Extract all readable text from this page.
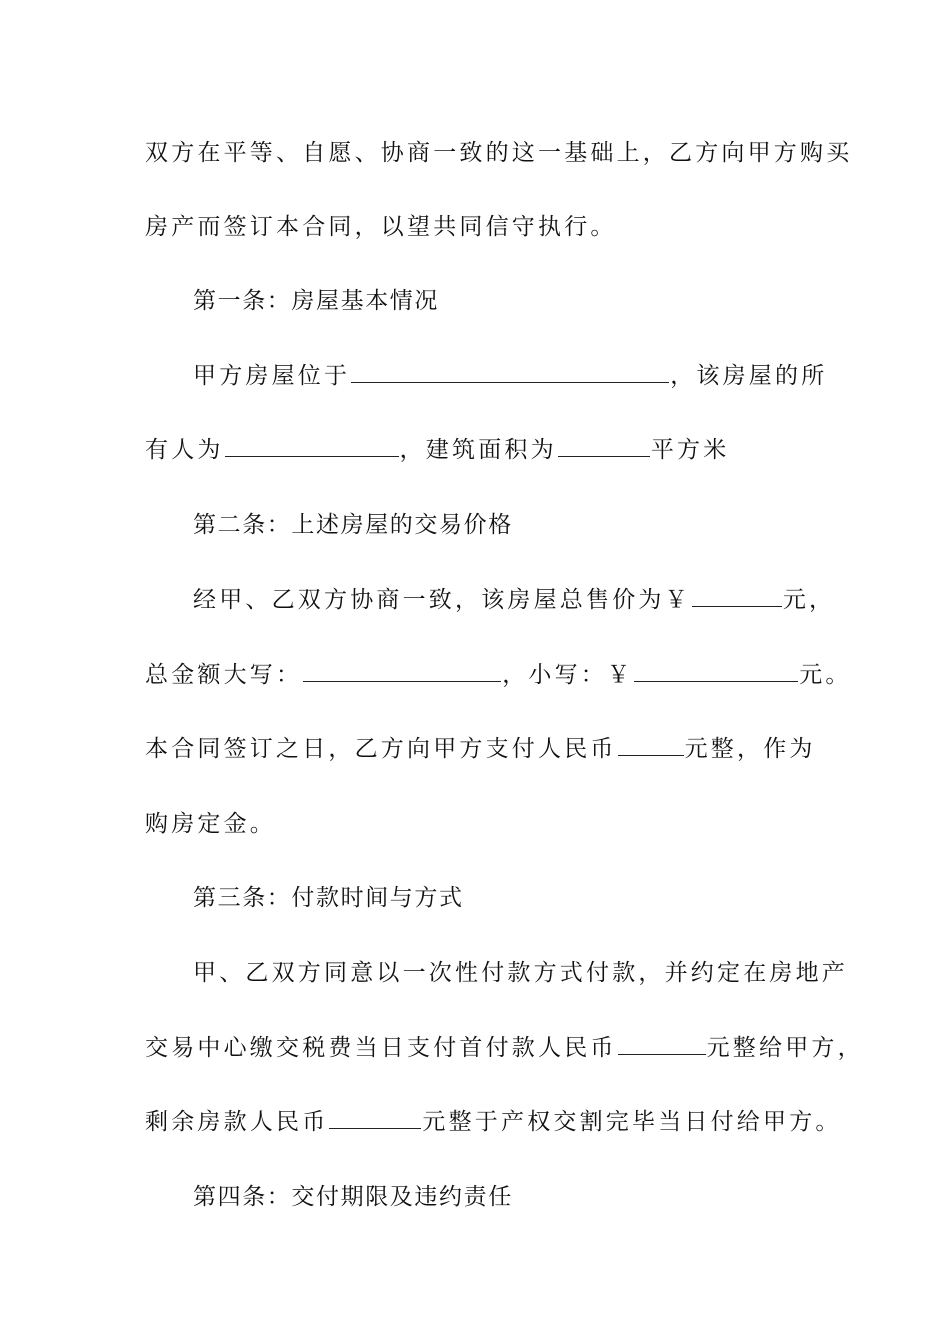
双方在平等、自愿、协商一致的这一基础上，乙方向甲方购买
房产而签订本合同，以望共同信守执行。
第一条：房屋基本情况
甲方房屋位于	，该房屋的所
有人为	，建筑面积为	平方米
第二条：上述房屋的交易价格
经甲、乙双方协商一致，该房屋总售价为￥	元，
总金额大写：	，小写：￥	元。
本合同签订之日，乙方向甲方支付人民币	元整，作为
购房定金。
第三条：付款时间与方式
甲、乙双方同意以一次性付款方式付款，并约定在房地产
交易中心缴交税费当日支付首付款人民币	元整给甲方，
剩余房款人民币	元整于产权交割完毕当日付给甲方。
第四条：交付期限及违约责任
